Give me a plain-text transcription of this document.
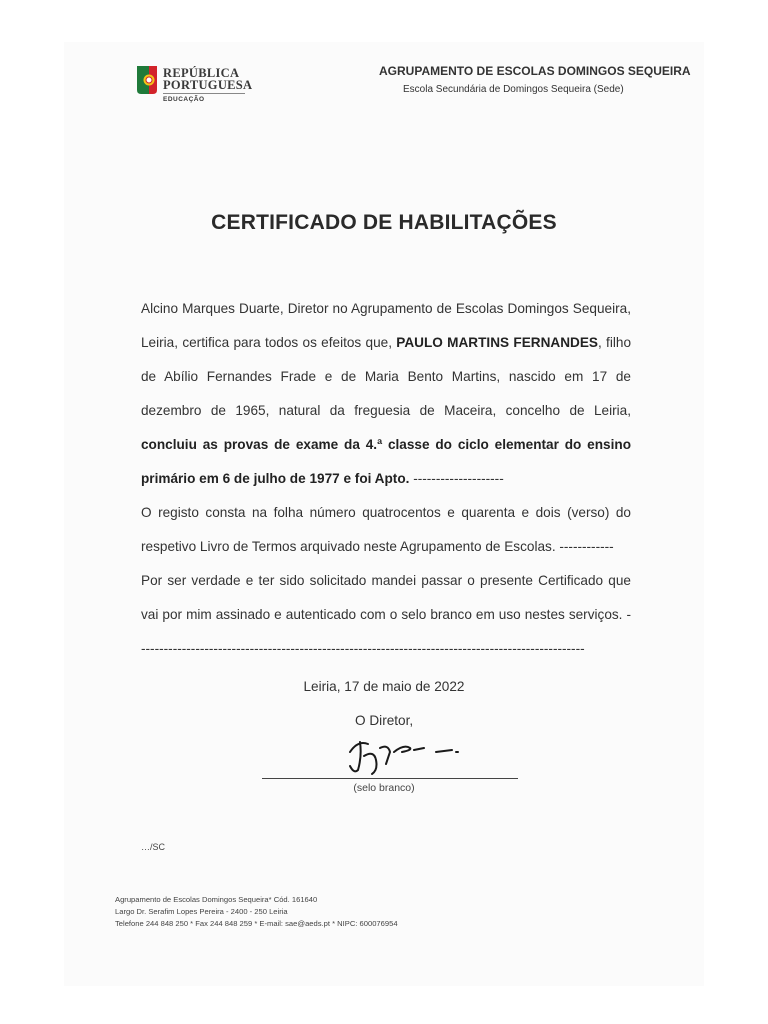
REPÚBLICA
PORTUGUESA
EDUCAÇÃO
AGRUPAMENTO DE ESCOLAS DOMINGOS SEQUEIRA
Escola Secundária de Domingos Sequeira (Sede)
CERTIFICADO DE HABILITAÇÕES

Alcino Marques Duarte, Diretor no Agrupamento de Escolas Domingos Sequeira, Leiria, certifica para todos os efeitos que, PAULO MARTINS FERNANDES, filho de Abílio Fernandes Frade e de Maria Bento Martins, nascido em 17 de dezembro de 1965, natural da freguesia de Maceira, concelho de Leiria, concluiu as provas de exame da 4.ª classe do ciclo elementar do ensino primário em 6 de julho de 1977 e foi Apto. --------------------

O registo consta na folha número quatrocentos e quarenta e dois (verso) do respetivo Livro de Termos arquivado neste Agrupamento de Escolas. ------------

Por ser verdade e ter sido solicitado mandei passar o presente Certificado que vai por mim assinado e autenticado com o selo branco em uso nestes serviços. ---------------------------------------------------------------------------------------------------

Leiria, 17 de maio de 2022
O Diretor,
(selo branco)
…/SC
Agrupamento de Escolas Domingos Sequeira* Cód. 161640
Largo Dr. Serafim Lopes Pereira - 2400 - 250 Leiria
Telefone 244 848 250 * Fax 244 848 259 * E-mail: sae@aeds.pt * NIPC: 600076954
